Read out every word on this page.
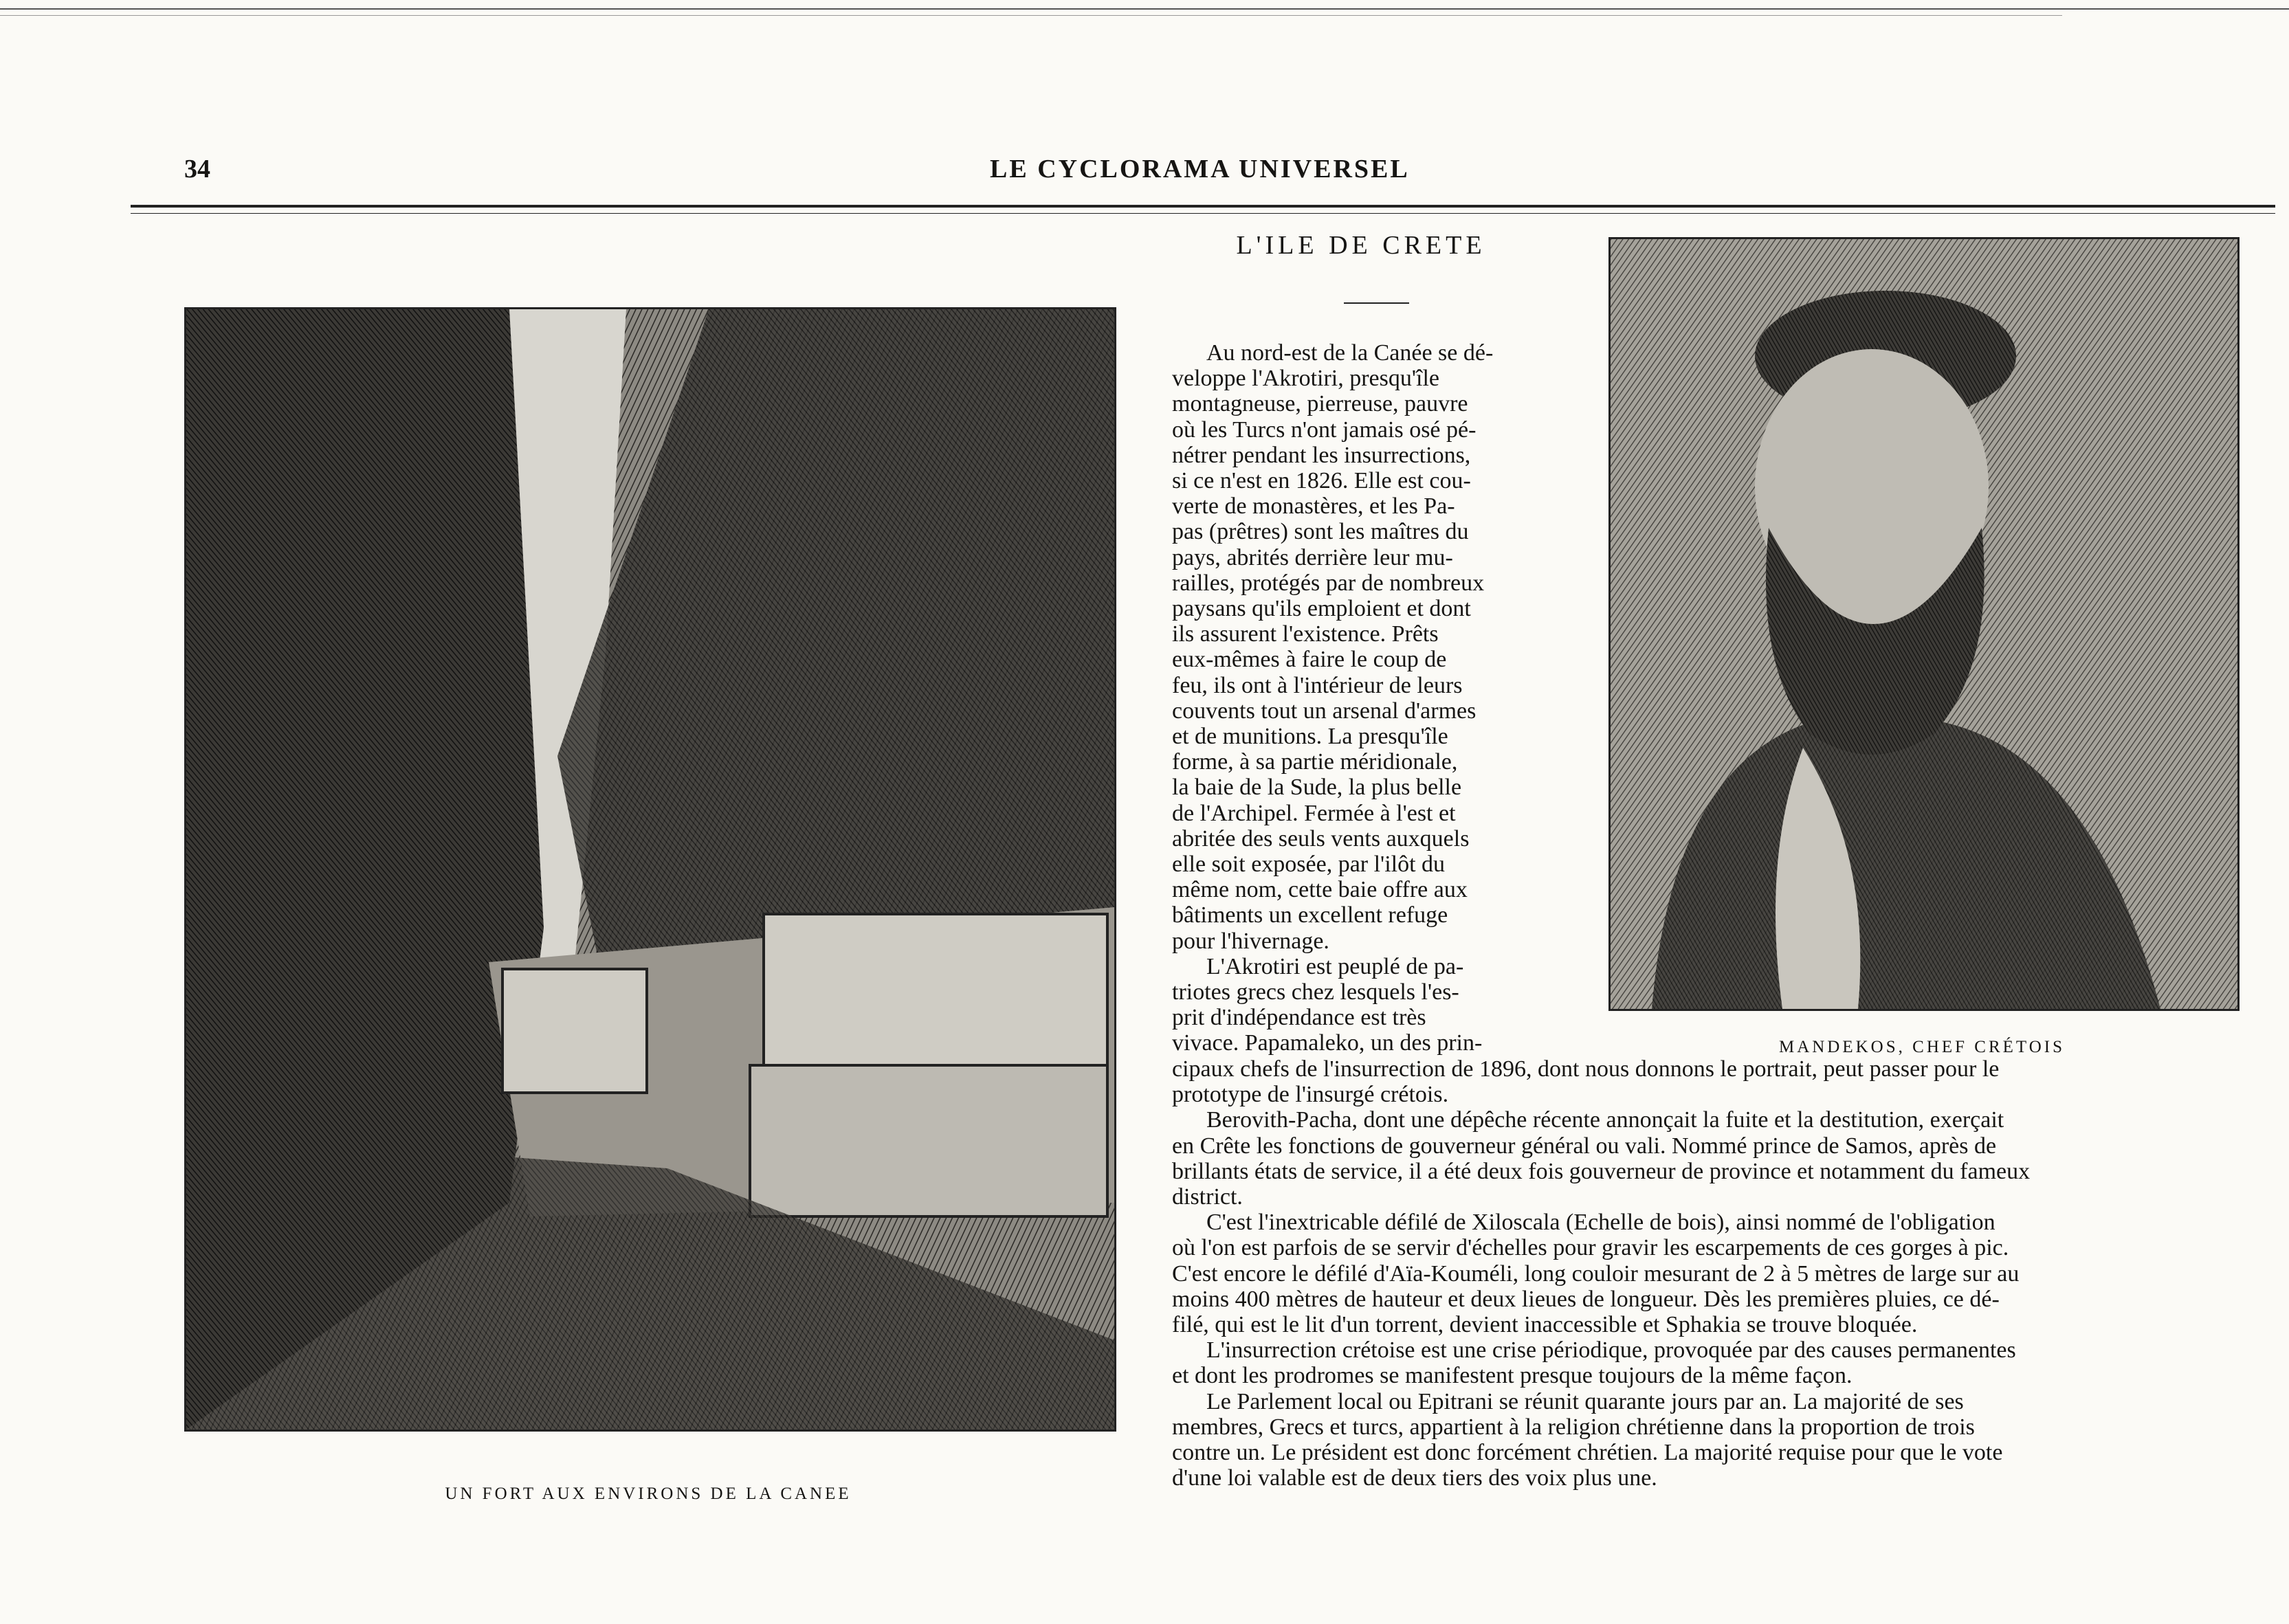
34	LE CYCLORAMA UNIVERSEL
UN FORT AUX ENVIRONS DE LA CANEE
L'ILE DE CRETE
MANDEKOS, CHEF CRÉTOIS
Au nord-est de la Canée se dé-
veloppe l'Akrotiri, presqu'île
montagneuse, pierreuse, pauvre
où les Turcs n'ont jamais osé pé-
nétrer pendant les insurrections,
si ce n'est en 1826. Elle est cou-
verte de monastères, et les Pa-
pas (prêtres) sont les maîtres du
pays, abrités derrière leur mu-
railles, protégés par de nombreux
paysans qu'ils emploient et dont
ils assurent l'existence. Prêts
eux-mêmes à faire le coup de
feu, ils ont à l'intérieur de leurs
couvents tout un arsenal d'armes
et de munitions. La presqu'île
forme, à sa partie méridionale,
la baie de la Sude, la plus belle
de l'Archipel. Fermée à l'est et
abritée des seuls vents auxquels
elle soit exposée, par l'ilôt du
même nom, cette baie offre aux
bâtiments un excellent refuge
pour l'hivernage.
L'Akrotiri est peuplé de pa-
triotes grecs chez lesquels l'es-
prit d'indépendance est très
vivace. Papamaleko, un des prin-
cipaux chefs de l'insurrection de 1896, dont nous donnons le portrait, peut passer pour le
prototype de l'insurgé crétois.
Berovith-Pacha, dont une dépêche récente annonçait la fuite et la destitution, exerçait
en Crête les fonctions de gouverneur général ou vali. Nommé prince de Samos, après de
brillants états de service, il a été deux fois gouverneur de province et notamment du fameux
district.
C'est l'inextricable défilé de Xiloscala (Echelle de bois), ainsi nommé de l'obligation
où l'on est parfois de se servir d'échelles pour gravir les escarpements de ces gorges à pic.
C'est encore le défilé d'Aïa-Kouméli, long couloir mesurant de 2 à 5 mètres de large sur au
moins 400 mètres de hauteur et deux lieues de longueur. Dès les premières pluies, ce dé-
filé, qui est le lit d'un torrent, devient inaccessible et Sphakia se trouve bloquée.
L'insurrection crétoise est une crise périodique, provoquée par des causes permanentes
et dont les prodromes se manifestent presque toujours de la même façon.
Le Parlement local ou Epitrani se réunit quarante jours par an. La majorité de ses
membres, Grecs et turcs, appartient à la religion chrétienne dans la proportion de trois
contre un. Le président est donc forcément chrétien. La majorité requise pour que le vote
d'une loi valable est de deux tiers des voix plus une.
